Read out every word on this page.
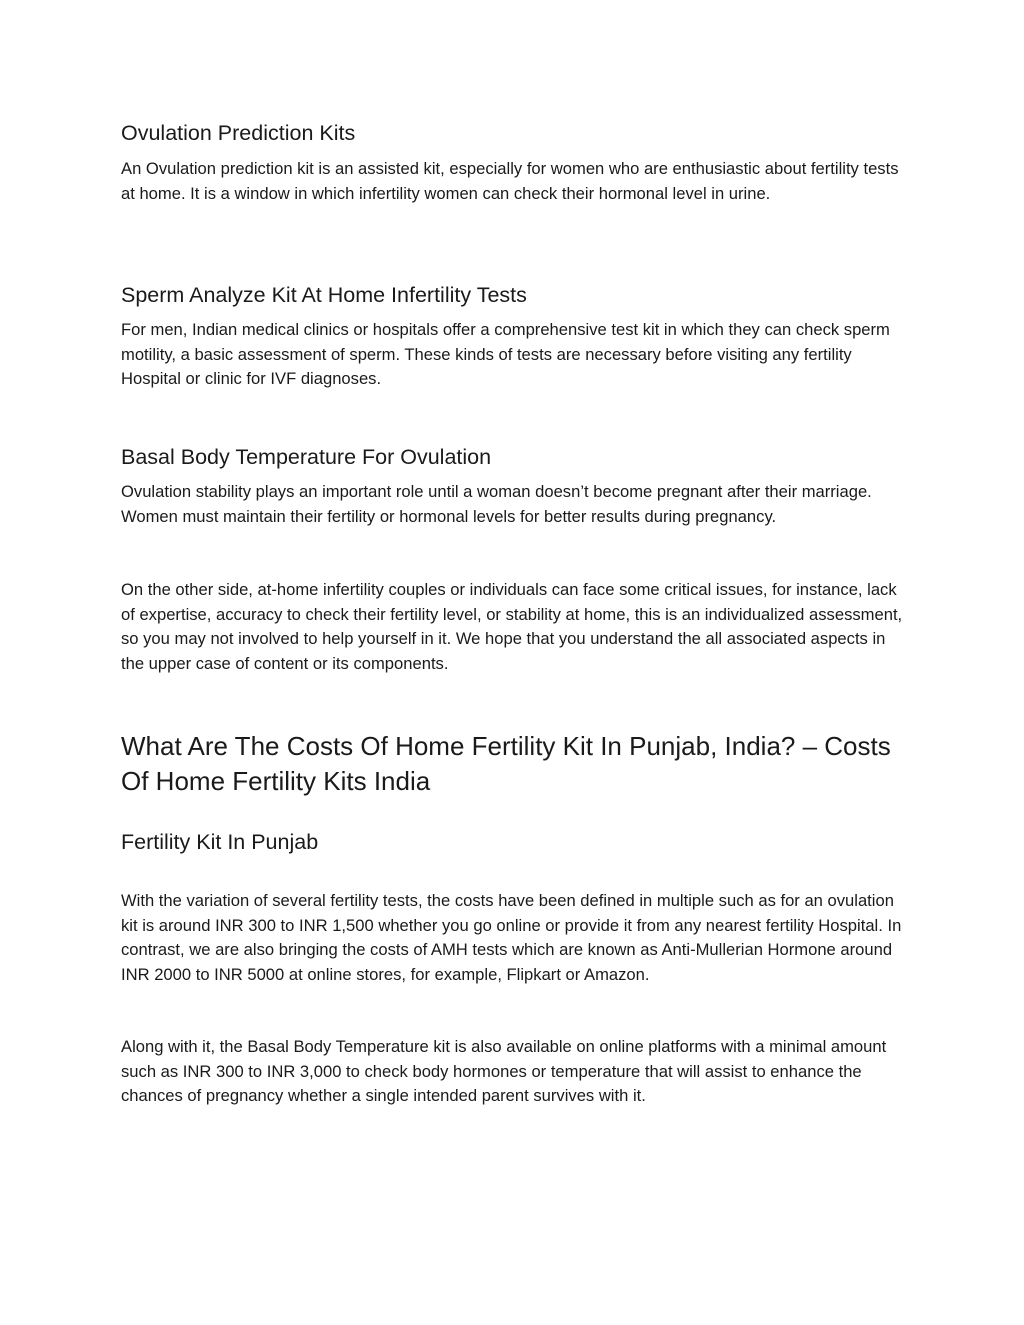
Ovulation Prediction Kits

An Ovulation prediction kit is an assisted kit, especially for women who are enthusiastic about fertility tests at home. It is a window in which infertility women can check their hormonal level in urine.

Sperm Analyze Kit At Home Infertility Tests

For men, Indian medical clinics or hospitals offer a comprehensive test kit in which they can check sperm motility, a basic assessment of sperm. These kinds of tests are necessary before visiting any fertility Hospital or clinic for IVF diagnoses.

Basal Body Temperature For Ovulation

Ovulation stability plays an important role until a woman doesn’t become pregnant after their marriage. Women must maintain their fertility or hormonal levels for better results during pregnancy.

On the other side, at-home infertility couples or individuals can face some critical issues, for instance, lack of expertise, accuracy to check their fertility level, or stability at home, this is an individualized assessment, so you may not involved to help yourself in it. We hope that you understand the all associated aspects in the upper case of content or its components.

What Are The Costs Of Home Fertility Kit In Punjab, India? – Costs Of Home Fertility Kits India
Fertility Kit In Punjab

With the variation of several fertility tests, the costs have been defined in multiple such as for an ovulation kit is around INR 300 to INR 1,500 whether you go online or provide it from any nearest fertility Hospital. In contrast, we are also bringing the costs of AMH tests which are known as Anti-Mullerian Hormone around INR 2000 to INR 5000 at online stores, for example, Flipkart or Amazon.

Along with it, the Basal Body Temperature kit is also available on online platforms with a minimal amount such as INR 300 to INR 3,000 to check body hormones or temperature that will assist to enhance the chances of pregnancy whether a single intended parent survives with it.
